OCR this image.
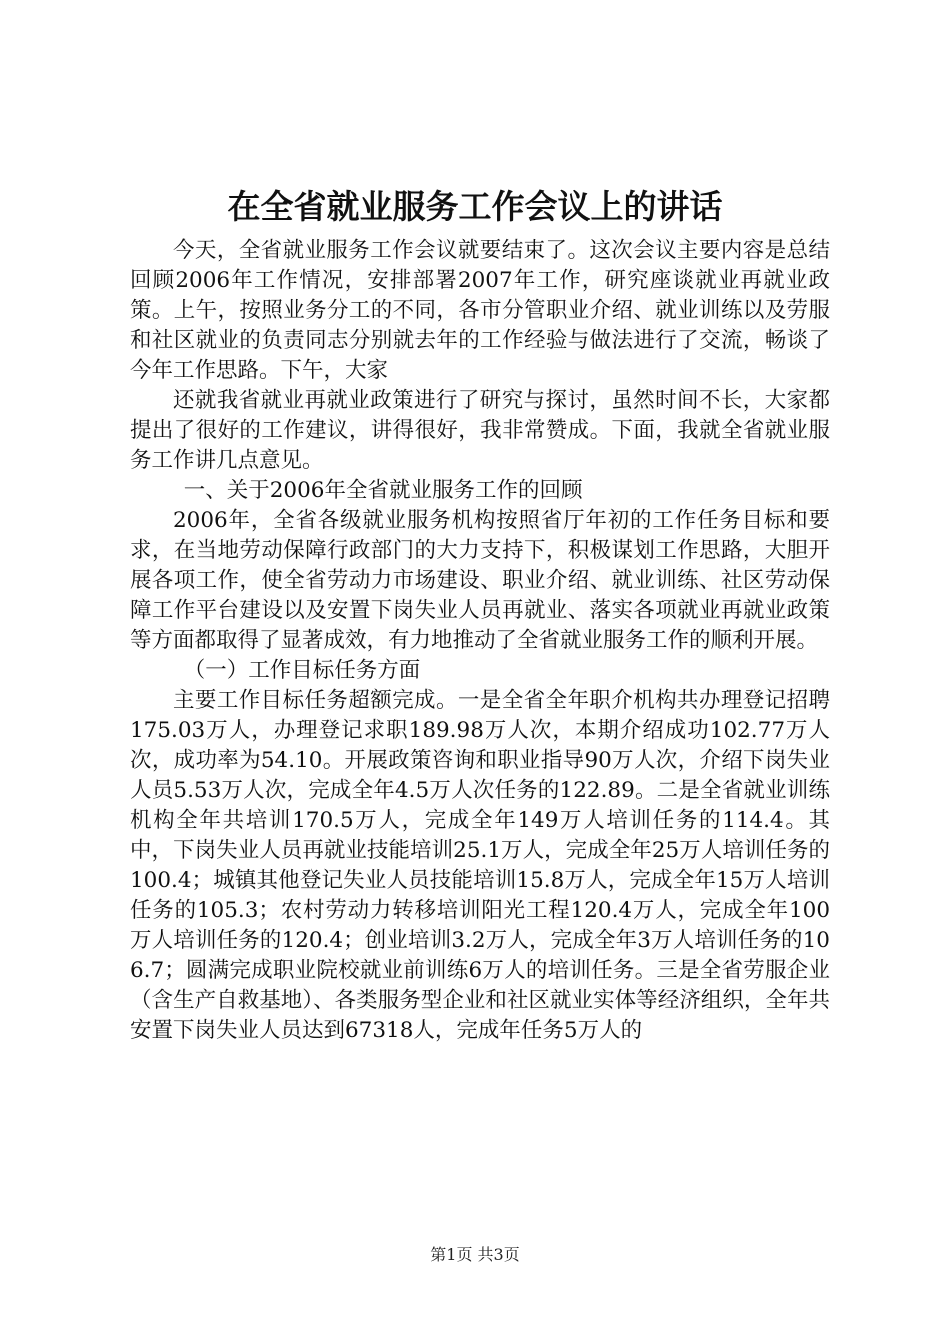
在全省就业服务工作会议上的讲话

今天，全省就业服务工作会议就要结束了。这次会议主要内容是总结回顾2006年工作情况，安排部署2007年工作，研究座谈就业再就业政策。上午，按照业务分工的不同，各市分管职业介绍、就业训练以及劳服和社区就业的负责同志分别就去年的工作经验与做法进行了交流，畅谈了今年工作思路。下午，大家

还就我省就业再就业政策进行了研究与探讨，虽然时间不长，大家都提出了很好的工作建议，讲得很好，我非常赞成。下面，我就全省就业服务工作讲几点意见。

一、关于2006年全省就业服务工作的回顾

2006年，全省各级就业服务机构按照省厅年初的工作任务目标和要求，在当地劳动保障行政部门的大力支持下，积极谋划工作思路，大胆开展各项工作，使全省劳动力市场建设、职业介绍、就业训练、社区劳动保障工作平台建设以及安置下岗失业人员再就业、落实各项就业再就业政策等方面都取得了显著成效，有力地推动了全省就业服务工作的顺利开展。

（一）工作目标任务方面

主要工作目标任务超额完成。一是全省全年职介机构共办理登记招聘175.03万人，办理登记求职189.98万人次，本期介绍成功102.77万人次，成功率为54.10。开展政策咨询和职业指导90万人次，介绍下岗失业人员5.53万人次，完成全年4.5万人次任务的122.89。二是全省就业训练机构全年共培训170.5万人，完成全年149万人培训任务的114.4。其中，下岗失业人员再就业技能培训25.1万人，完成全年25万人培训任务的100.4；城镇其他登记失业人员技能培训15.8万人，完成全年15万人培训任务的105.3；农村劳动力转移培训阳光工程120.4万人，完成全年100万人培训任务的120.4；创业培训3.2万人，完成全年3万人培训任务的106.7；圆满完成职业院校就业前训练6万人的培训任务。三是全省劳服企业（含生产自救基地）、各类服务型企业和社区就业实体等经济组织，全年共安置下岗失业人员达到67318人，完成年任务5万人的

第1页 共3页
